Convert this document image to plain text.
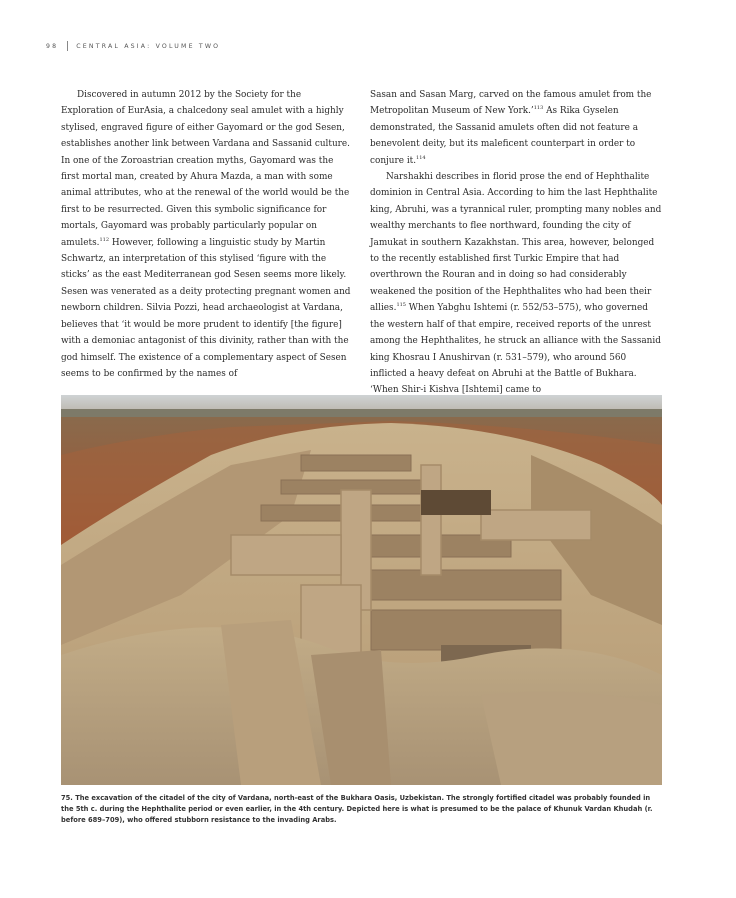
98	CENTRAL ASIA: VOLUME TWO

Discovered in autumn 2012 by the Society for the Exploration of EurAsia, a chalcedony seal amulet with a highly stylised, engraved figure of either Gayomard or the god Sesen, establishes another link between Vardana and Sassanid culture. In one of the Zoroastrian creation myths, Gayomard was the first mortal man, created by Ahura Mazda, a man with some animal attributes, who at the renewal of the world would be the first to be resurrected. Given this symbolic significance for mortals, Gayomard was probably particularly popular on amulets.$^{112}$ However, following a linguistic study by Martin Schwartz, an interpretation of this stylised ‘figure with the sticks’ as the east Mediterranean god Sesen seems more likely. Sesen was venerated as a deity protecting pregnant women and newborn children. Silvia Pozzi, head archaeologist at Vardana, believes that ‘it would be more prudent to identify [the figure] with a demoniac antagonist of this divinity, rather than with the god himself. The existence of a complementary aspect of Sesen seems to be confirmed by the names of

Sasan and Sasan Marg, carved on the famous amulet from the Metropolitan Museum of New York.’$^{113}$ As Rika Gyselen demonstrated, the Sassanid amulets often did not feature a benevolent deity, but its maleficent counterpart in order to conjure it.$^{114}$

Narshakhi describes in florid prose the end of Hephthalite dominion in Central Asia. According to him the last Hephthalite king, Abruhi, was a tyrannical ruler, prompting many nobles and wealthy merchants to flee northward, founding the city of Jamukat in southern Kazakhstan. This area, however, belonged to the recently established first Turkic Empire that had overthrown the Rouran and in doing so had considerably weakened the position of the Hephthalites who had been their allies.$^{115}$ When Yabghu Ishtemi (r. 552/53–575), who governed the western half of that empire, received reports of the unrest among the Hephthalites, he struck an alliance with the Sassanid king Khosrau I Anushirvan (r. 531–579), who around 560 inflicted a heavy defeat on Abruhi at the Battle of Bukhara. ‘When Shir-i Kishva [Ishtemi] came to

75. The excavation of the citadel of the city of Vardana, north-east of the Bukhara Oasis, Uzbekistan. The strongly fortified citadel was probably founded in the 5th c. during the Hephthalite period or even earlier, in the 4th century. Depicted here is what is presumed to be the palace of Khunuk Vardan Khudah (r. before 689–709), who offered stubborn resistance to the invading Arabs.
